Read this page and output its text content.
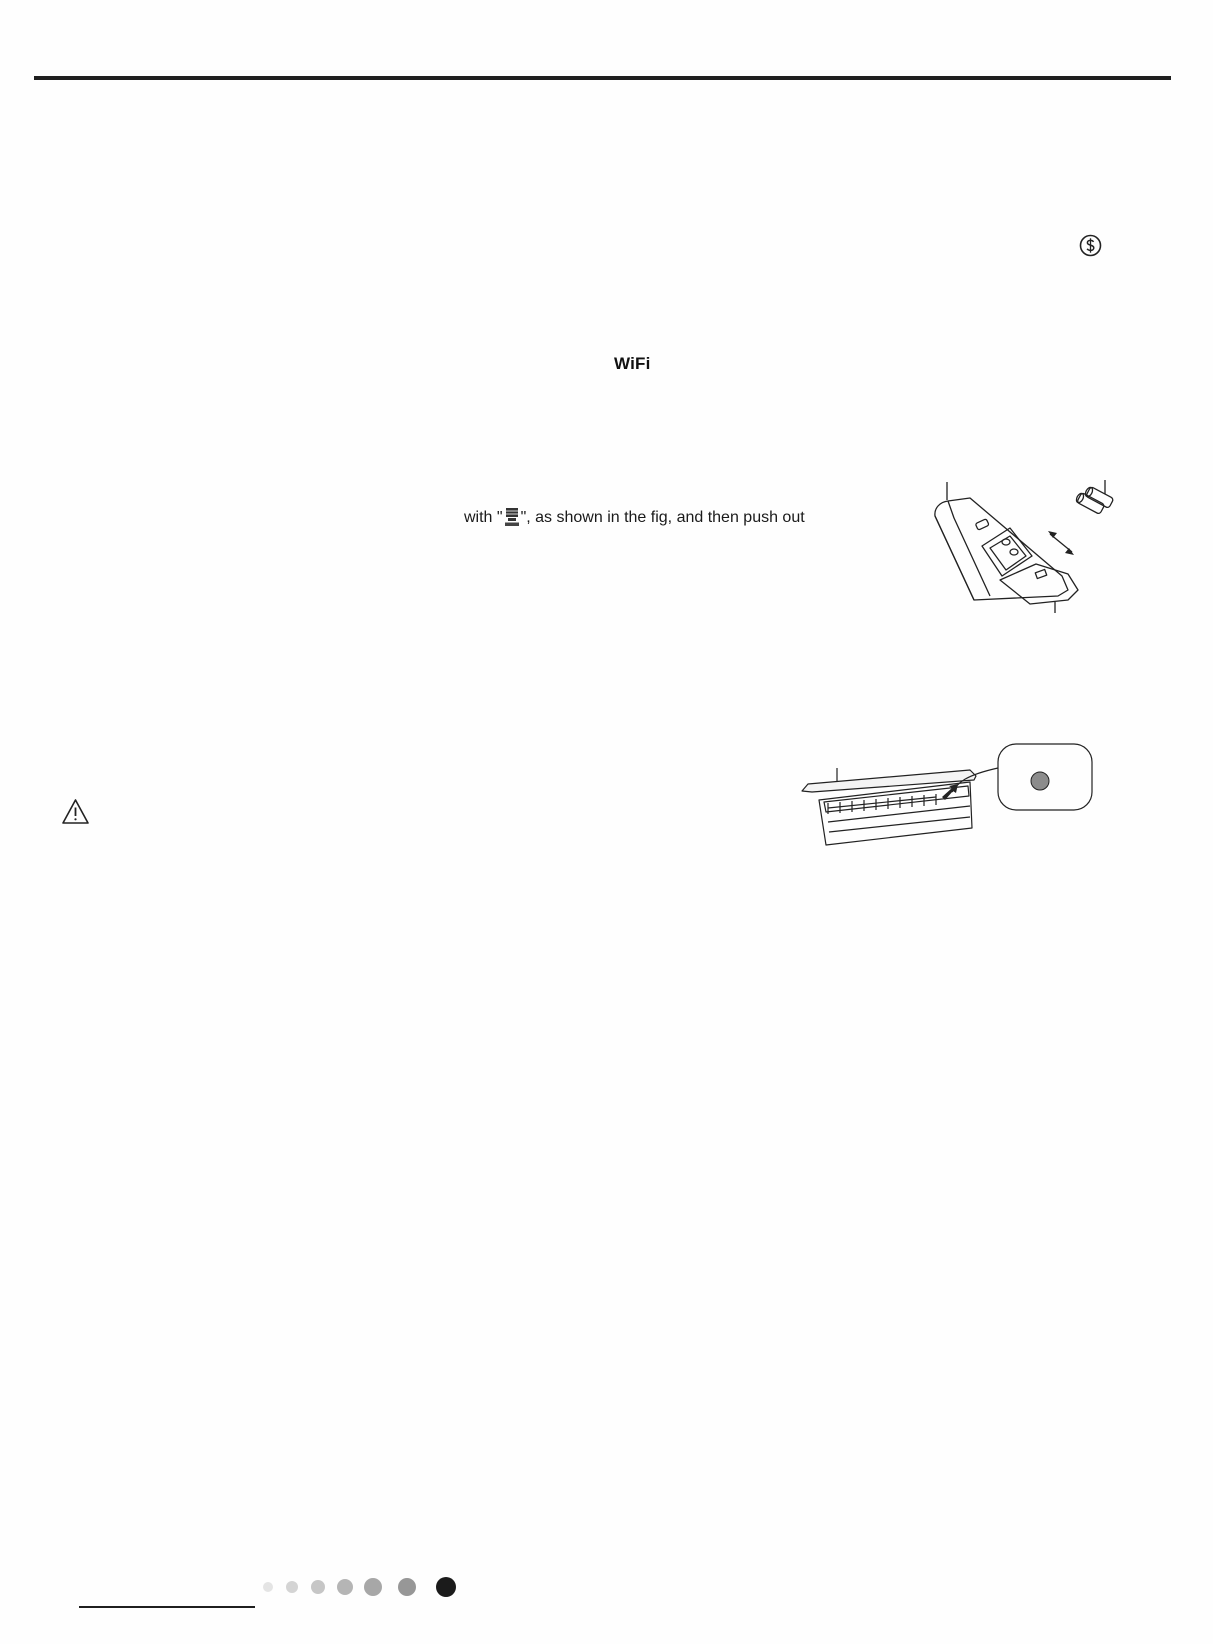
WiFi
with " ", as shown in the fig, and then push out
